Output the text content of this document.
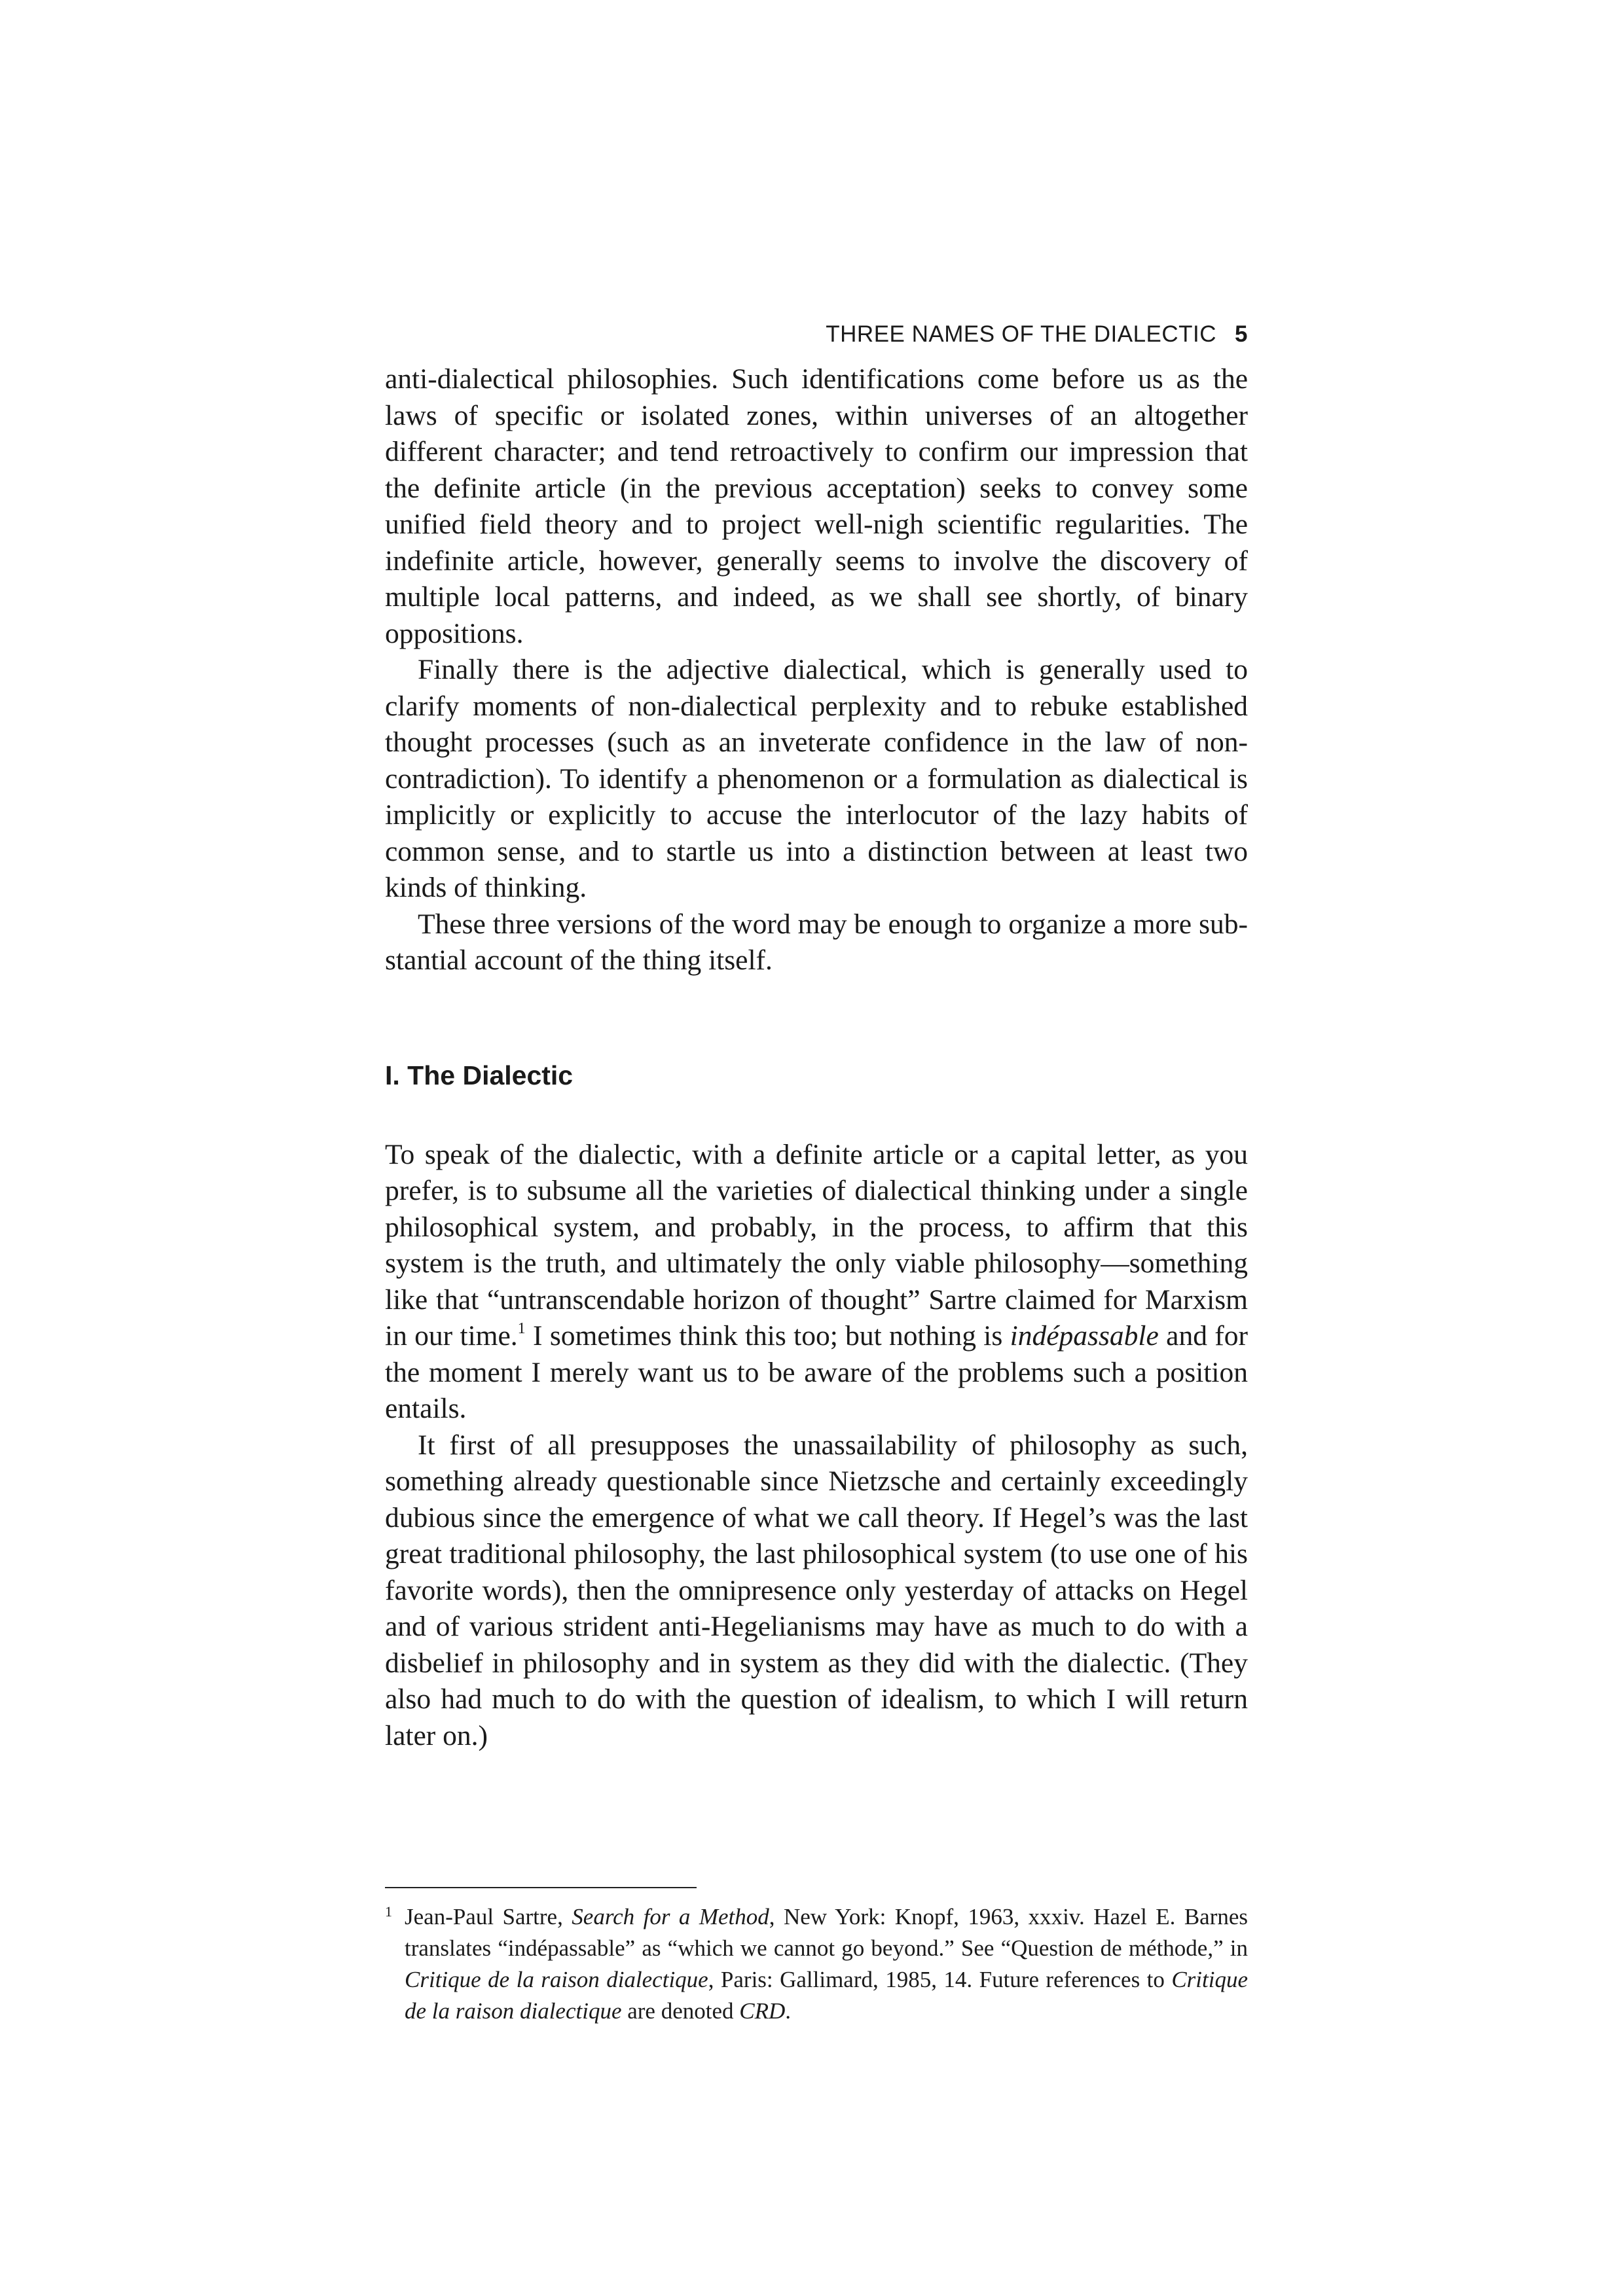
THREE NAMES OF THE DIALECTIC 5

anti-dialectical philosophies. Such identifications come before us as the laws of specific or isolated zones, within universes of an altogether different character; and tend retroactively to confirm our impression that the definite article (in the previous acceptation) seeks to convey some unified field theory and to project well-nigh scientific regularities. The indefinite article, however, generally seems to involve the discovery of multiple local patterns, and indeed, as we shall see shortly, of binary oppositions.

Finally there is the adjective dialectical, which is generally used to clarify moments of non-dialectical perplexity and to rebuke established thought processes (such as an inveterate confidence in the law of non-contradiction). To identify a phenomenon or a formulation as dialectical is implicitly or explicitly to accuse the interlocutor of the lazy habits of common sense, and to startle us into a distinction between at least two kinds of thinking.

These three versions of the word may be enough to organize a more substantial account of the thing itself.

I. The Dialectic

To speak of the dialectic, with a definite article or a capital letter, as you prefer, is to subsume all the varieties of dialectical thinking under a single philosophical system, and probably, in the process, to affirm that this system is the truth, and ultimately the only viable philosophy—something like that “untranscendable horizon of thought” Sartre claimed for Marxism in our time.$^1$ I sometimes think this too; but nothing is indépassable and for the moment I merely want us to be aware of the problems such a position entails.

It first of all presupposes the unassailability of philosophy as such, something already questionable since Nietzsche and certainly exceedingly dubious since the emergence of what we call theory. If Hegel’s was the last great traditional philosophy, the last philosophical system (to use one of his favorite words), then the omnipresence only yesterday of attacks on Hegel and of various strident anti-Hegelianisms may have as much to do with a disbelief in philosophy and in system as they did with the dialectic. (They also had much to do with the question of idealism, to which I will return later on.)

1 Jean-Paul Sartre, Search for a Method, New York: Knopf, 1963, xxxiv. Hazel E. Barnes translates “indépassable” as “which we cannot go beyond.” See “Question de méthode,” in Critique de la raison dialectique, Paris: Gallimard, 1985, 14. Future references to Critique de la raison dialectique are denoted CRD.
